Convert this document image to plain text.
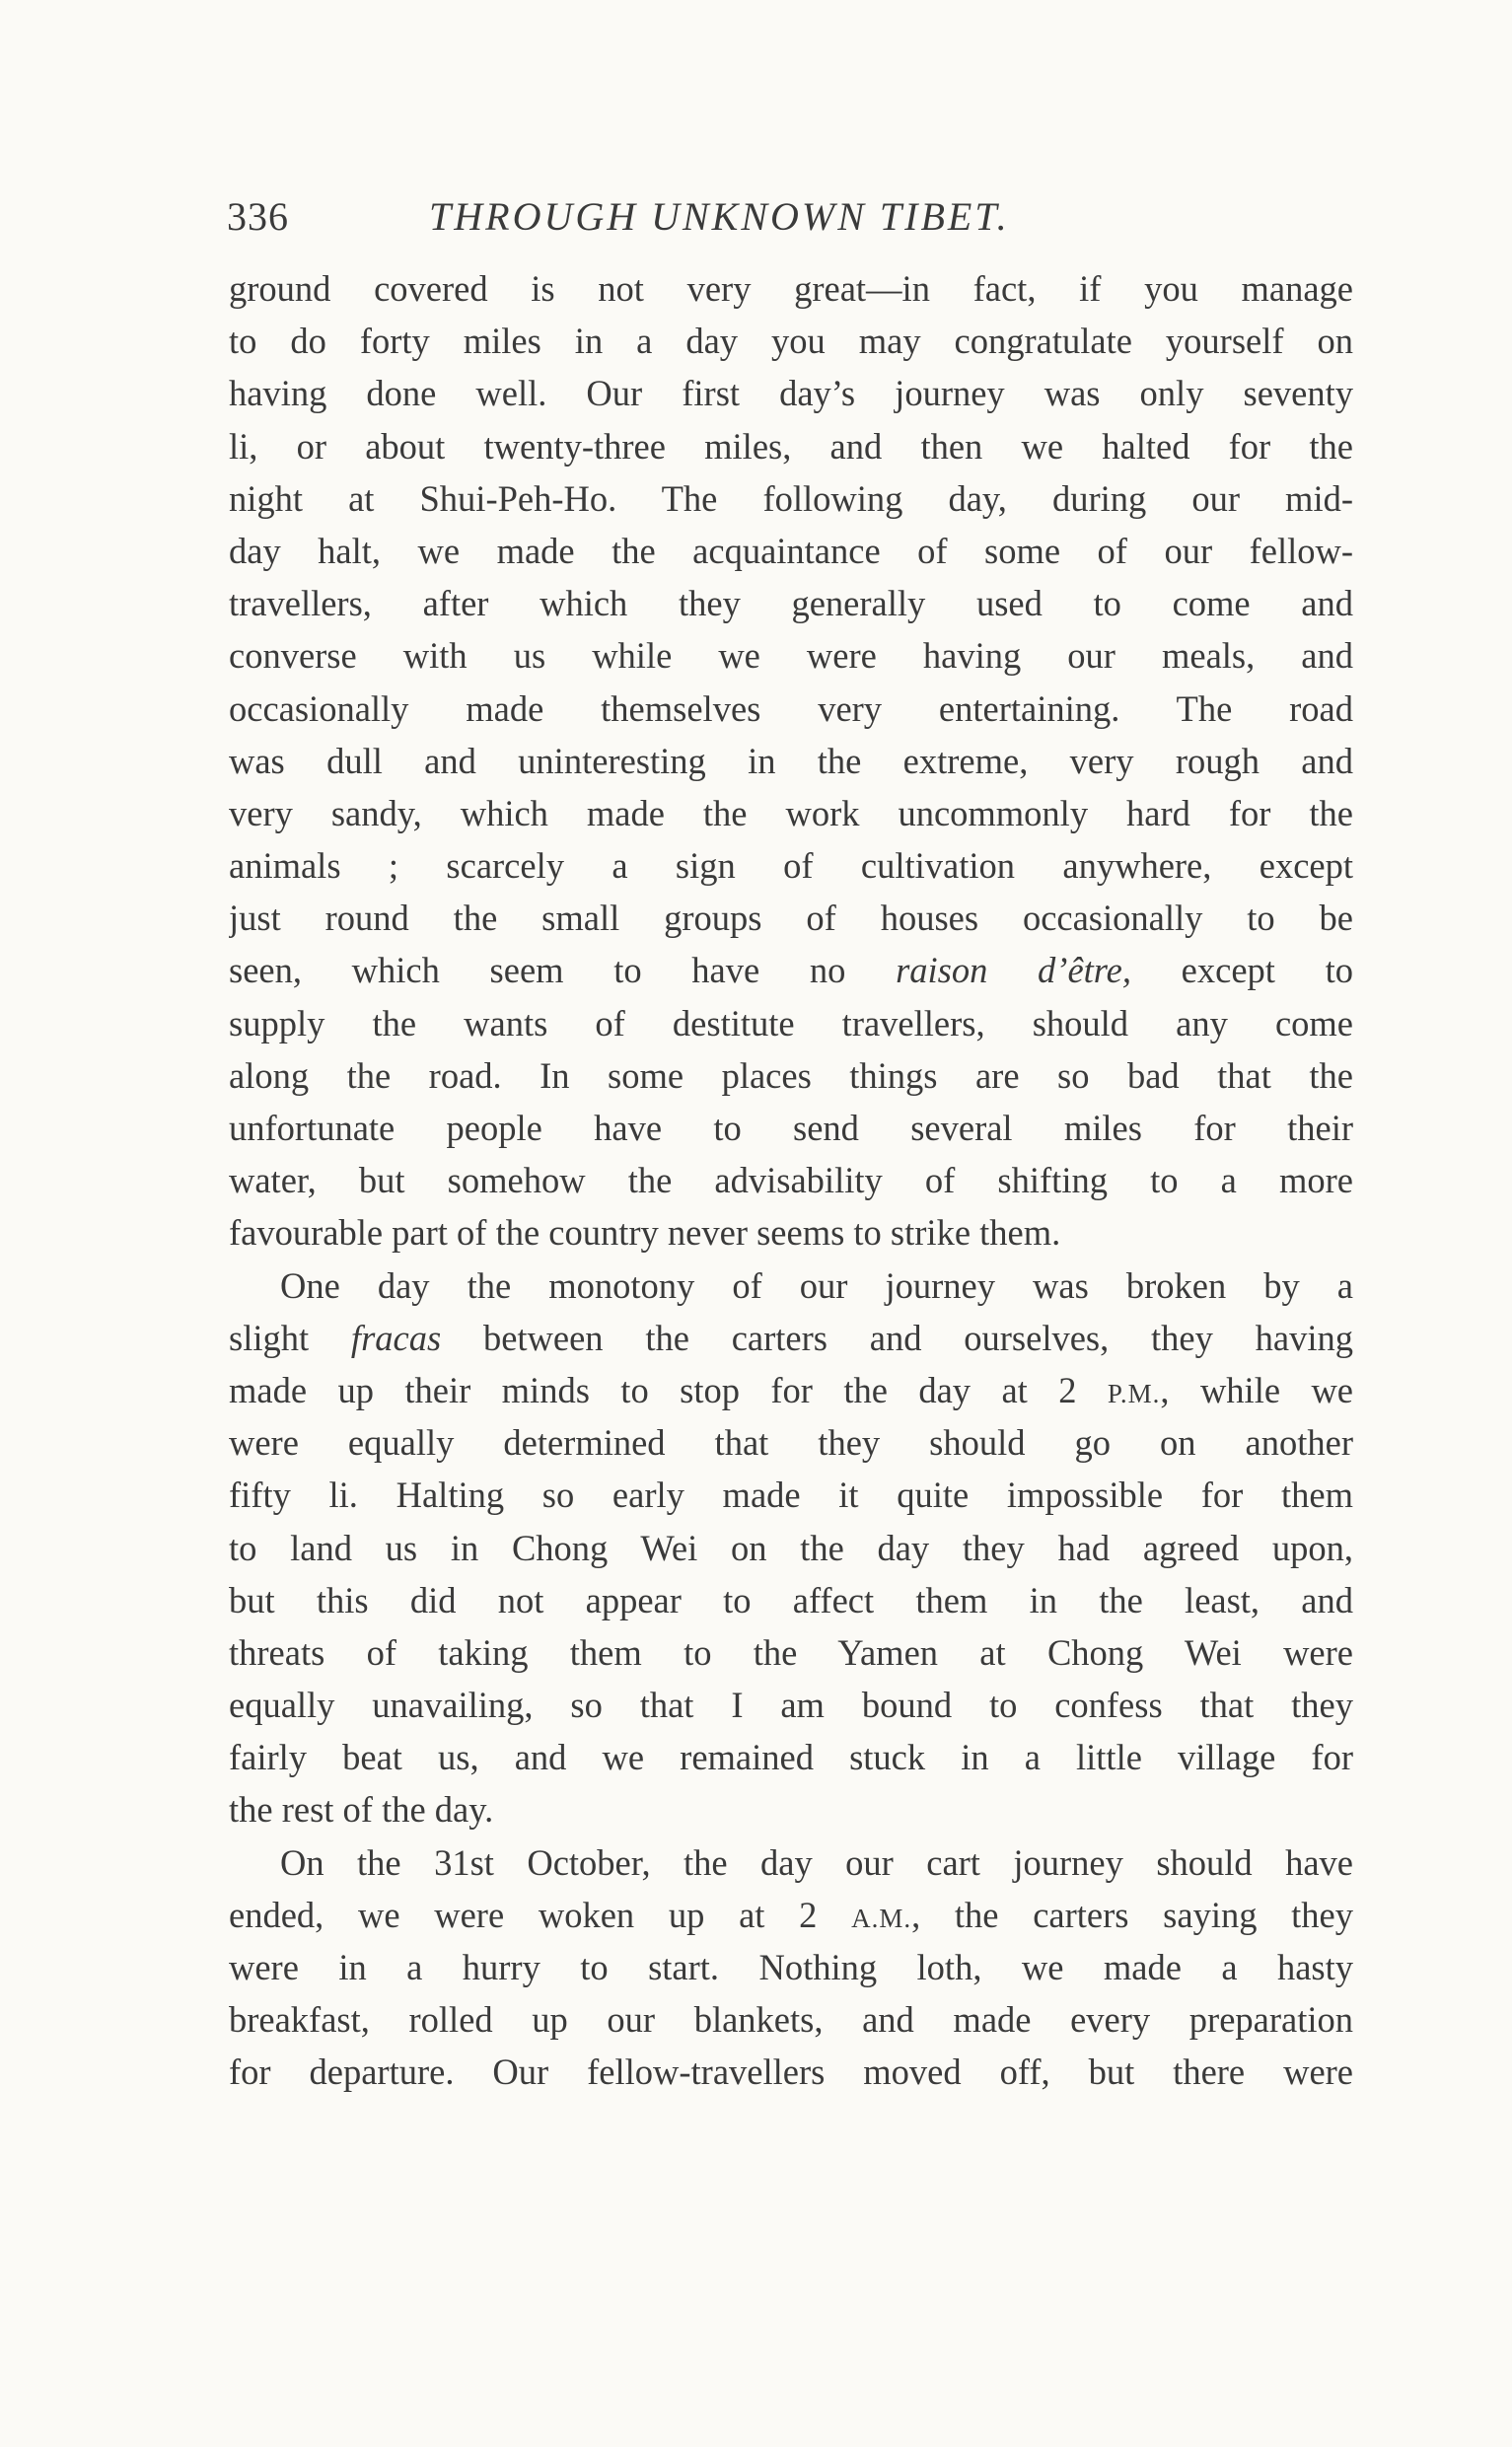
336	THROUGH UNKNOWN TIBET.
ground covered is not very great—in fact, if you manage
to do forty miles in a day you may congratulate yourself on
having done well. Our first day’s journey was only seventy
li, or about twenty-three miles, and then we halted for the
night at Shui-Peh-Ho. The following day, during our mid-
day halt, we made the acquaintance of some of our fellow-
travellers, after which they generally used to come and
converse with us while we were having our meals, and
occasionally made themselves very entertaining. The road
was dull and uninteresting in the extreme, very rough and
very sandy, which made the work uncommonly hard for the
animals ; scarcely a sign of cultivation anywhere, except
just round the small groups of houses occasionally to be
seen, which seem to have no raison d’être, except to
supply the wants of destitute travellers, should any come
along the road. In some places things are so bad that the
unfortunate people have to send several miles for their
water, but somehow the advisability of shifting to a more
favourable part of the country never seems to strike them.
One day the monotony of our journey was broken by a
slight fracas between the carters and ourselves, they having
made up their minds to stop for the day at 2 P.M., while we
were equally determined that they should go on another
fifty li. Halting so early made it quite impossible for them
to land us in Chong Wei on the day they had agreed upon,
but this did not appear to affect them in the least, and
threats of taking them to the Yamen at Chong Wei were
equally unavailing, so that I am bound to confess that they
fairly beat us, and we remained stuck in a little village for
the rest of the day.
On the 31st October, the day our cart journey should have
ended, we were woken up at 2 A.M., the carters saying they
were in a hurry to start. Nothing loth, we made a hasty
breakfast, rolled up our blankets, and made every preparation
for departure. Our fellow-travellers moved off, but there were
